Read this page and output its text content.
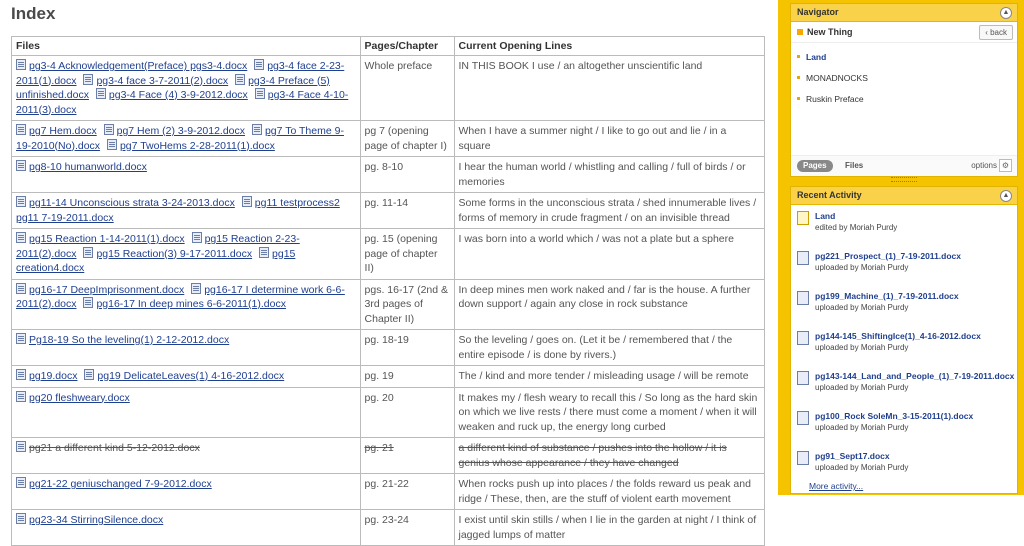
Index
Files	Pages/Chapter	Current Opening Lines
pg3-4 Acknowledgement(Preface) pgs3-4.docx pg3-4 face 2-23-2011(1).docx pg3-4 face 3-7-2011(2).docx pg3-4 Preface (5) unfinished.docx pg3-4 Face (4) 3-9-2012.docx pg3-4 Face 4-10-2011(3).docx	Whole preface	IN THIS BOOK I use / an altogether unscientific land
pg7 Hem.docx pg7 Hem (2) 3-9-2012.docx pg7 To Theme 9-19-2010(No).docx pg7 TwoHems 2-28-2011(1).docx	pg 7 (opening page of chapter I)	When I have a summer night / I like to go out and lie / in a square
pg8-10 humanworld.docx	pg. 8-10	I hear the human world / whistling and calling / full of birds / or memories
pg11-14 Unconscious strata 3-24-2013.docx pg11 testprocess2 pg11 7-19-2011.docx	pg. 11-14	Some forms in the unconscious strata / shed innumerable lives / forms of memory in crude fragment / on an invisible thread
pg15 Reaction 1-14-2011(1).docx pg15 Reaction 2-23-2011(2).docx pg15 Reaction(3) 9-17-2011.docx pg15 creation4.docx	pg. 15 (opening page of chapter II)	I was born into a world which / was not a plate but a sphere
pg16-17 DeepImprisonment.docx pg16-17 I determine work 6-6-2011(2).docx pg16-17 In deep mines 6-6-2011(1).docx	pgs. 16-17 (2nd & 3rd pages of Chapter II)	In deep mines men work naked and / far is the house. A further down support / again any close in rock substance
Pg18-19 So the leveling(1) 2-12-2012.docx	pg. 18-19	So the leveling / goes on. (Let it be / remembered that / the entire episode / is done by rivers.)
pg19.docx pg19 DelicateLeaves(1) 4-16-2012.docx	pg. 19	The / kind and more tender / misleading usage / will be remote
pg20 fleshweary.docx	pg. 20	It makes my / flesh weary to recall this / So long as the hard skin on which we live rests / there must come a moment / when it will weaken and ruck up, the energy long curbed
pg21 a different kind 5-12-2012.docx	pg. 21	a different kind of substance / pushes into the hollow / it is genius whose appearance / they have changed
pg21-22 geniuschanged 7-9-2012.docx	pg. 21-22	When rocks push up into places / the folds reward us peak and ridge / These, then, are the stuff of violent earth movement
pg23-34 StirringSilence.docx	pg. 23-24	I exist until skin stills / when I lie in the garden at night / I think of jagged lumps of matter
Navigator	▲
New Thing	‹ back
Land
MONADNOCKS
Ruskin Preface
Pages	Files	options ⚙
Recent Activity	▲
Land
edited by Moriah Purdy
pg221_Prospect_(1)_7-19-2011.docx
uploaded by Moriah Purdy
pg199_Machine_(1)_7-19-2011.docx
uploaded by Moriah Purdy
pg144-145_ShiftingIce(1)_4-16-2012.docx
uploaded by Moriah Purdy
pg143-144_Land_and_People_(1)_7-19-2011.docx
uploaded by Moriah Purdy
pg100_Rock SoleMn_3-15-2011(1).docx
uploaded by Moriah Purdy
pg91_Sept17.docx
uploaded by Moriah Purdy
More activity...
